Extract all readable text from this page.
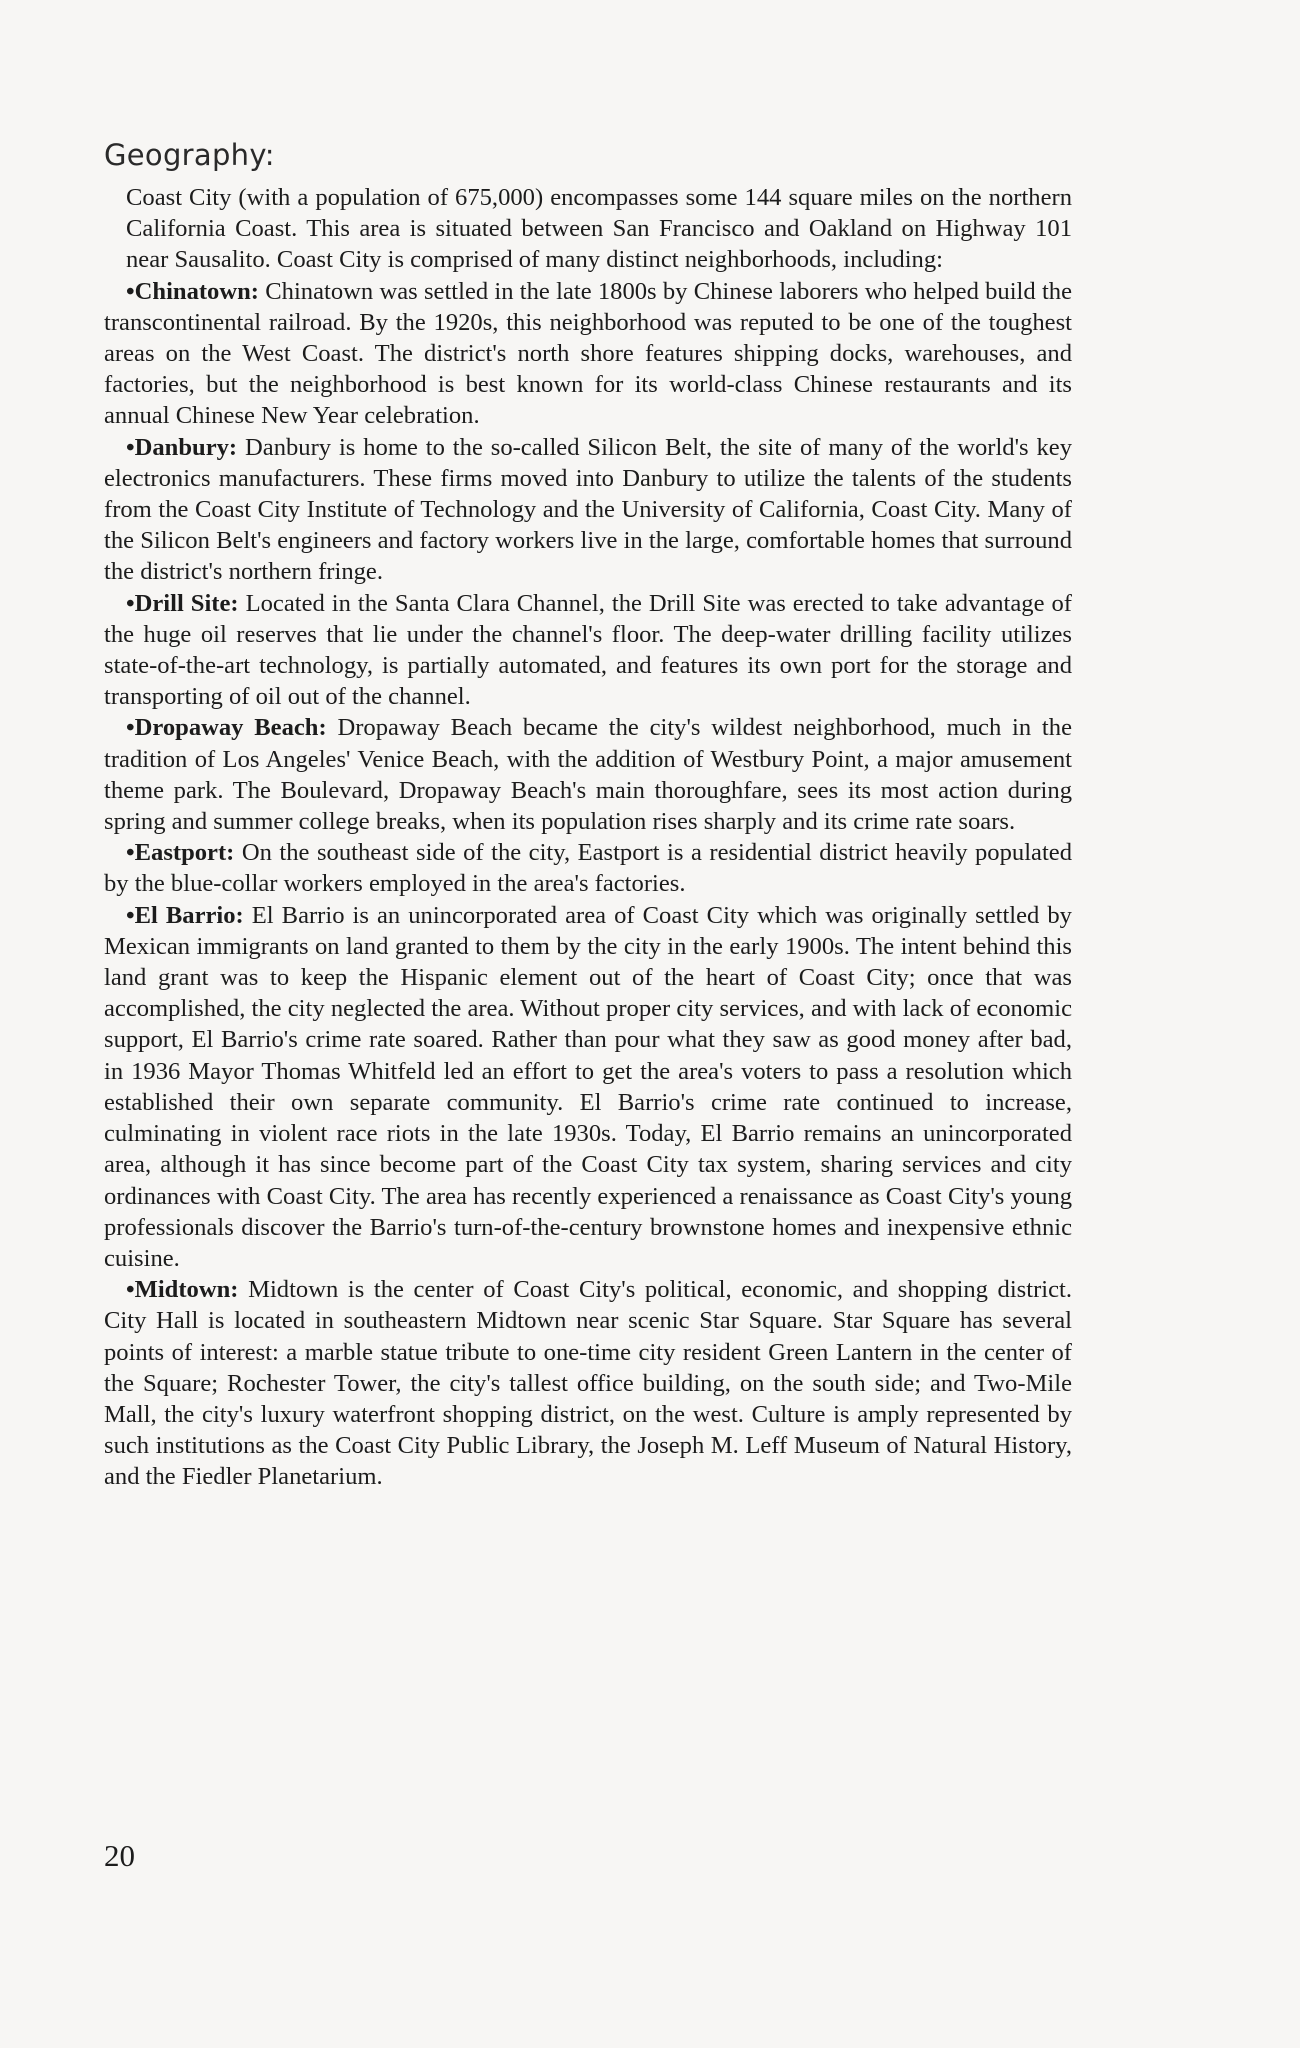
Geography:

Coast City (with a population of 675,000) encompasses some 144 square miles on the northern California Coast. This area is situated between San Francisco and Oakland on Highway 101 near Sausalito. Coast City is comprised of many distinct neighborhoods, including:

•Chinatown: Chinatown was settled in the late 1800s by Chinese laborers who helped build the transcontinental railroad. By the 1920s, this neighborhood was reputed to be one of the toughest areas on the West Coast. The district's north shore features shipping docks, warehouses, and factories, but the neighborhood is best known for its world-class Chinese restaurants and its annual Chinese New Year celebration.

•Danbury: Danbury is home to the so-called Silicon Belt, the site of many of the world's key electronics manufacturers. These firms moved into Danbury to utilize the talents of the students from the Coast City Institute of Technology and the University of California, Coast City. Many of the Silicon Belt's engineers and factory workers live in the large, comfortable homes that surround the district's northern fringe.

•Drill Site: Located in the Santa Clara Channel, the Drill Site was erected to take advantage of the huge oil reserves that lie under the channel's floor. The deep-water drilling facility utilizes state-of-the-art technology, is partially automated, and features its own port for the storage and transporting of oil out of the channel.

•Dropaway Beach: Dropaway Beach became the city's wildest neighborhood, much in the tradition of Los Angeles' Venice Beach, with the addition of Westbury Point, a major amusement theme park. The Boulevard, Dropaway Beach's main thoroughfare, sees its most action during spring and summer college breaks, when its population rises sharply and its crime rate soars.

•Eastport: On the southeast side of the city, Eastport is a residential district heavily populated by the blue-collar workers employed in the area's factories.

•El Barrio: El Barrio is an unincorporated area of Coast City which was originally settled by Mexican immigrants on land granted to them by the city in the early 1900s. The intent behind this land grant was to keep the Hispanic element out of the heart of Coast City; once that was accomplished, the city neglected the area. Without proper city services, and with lack of economic support, El Barrio's crime rate soared. Rather than pour what they saw as good money after bad, in 1936 Mayor Thomas Whitfeld led an effort to get the area's voters to pass a resolution which established their own separate community. El Barrio's crime rate continued to increase, culminating in violent race riots in the late 1930s. Today, El Barrio remains an unincorporated area, although it has since become part of the Coast City tax system, sharing services and city ordinances with Coast City. The area has recently experienced a renaissance as Coast City's young professionals discover the Barrio's turn-of-the-century brownstone homes and inexpensive ethnic cuisine.

•Midtown: Midtown is the center of Coast City's political, economic, and shopping district. City Hall is located in southeastern Midtown near scenic Star Square. Star Square has several points of interest: a marble statue tribute to one-time city resident Green Lantern in the center of the Square; Rochester Tower, the city's tallest office building, on the south side; and Two-Mile Mall, the city's luxury waterfront shopping district, on the west. Culture is amply represented by such institutions as the Coast City Public Library, the Joseph M. Leff Museum of Natural History, and the Fiedler Planetarium.

20
